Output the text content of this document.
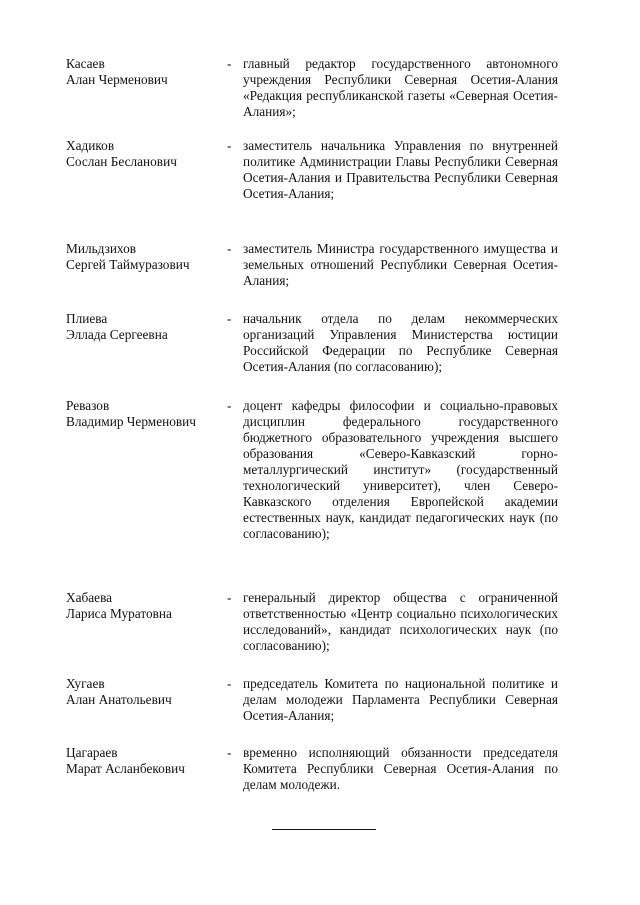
Касаев
Алан Черменович
- главный редактор государственного автономного учреждения Республики Северная Осетия-Алания «Редакция республиканской газеты «Северная Осетия-Алания»;
Хадиков
Сослан Бесланович
- заместитель начальника Управления по внутренней политике Администрации Главы Республики Северная Осетия-Алания и Правительства Республики Северная Осетия-Алания;
Мильдзихов
Сергей Таймуразович
- заместитель Министра государственного имущества и земельных отношений Республики Северная Осетия-Алания;
Плиева
Эллада Сергеевна
- начальник отдела по делам некоммерческих организаций Управления Министерства юстиции Российской Федерации по Республике Северная Осетия-Алания (по согласованию);
Ревазов
Владимир Черменович
- доцент кафедры философии и социально-правовых дисциплин федерального государственного бюджетного образовательного учреждения высшего образования «Северо-Кавказский горно-металлургический институт» (государственный технологический университет), член Северо-Кавказского отделения Европейской академии естественных наук, кандидат педагогических наук (по согласованию);
Хабаева
Лариса Муратовна
- генеральный директор общества с ограниченной ответственностью «Центр социально психологических исследований», кандидат психологических наук (по согласованию);
Хугаев
Алан Анатольевич
- председатель Комитета по национальной политике и делам молодежи Парламента Республики Северная Осетия-Алания;
Цагараев
Марат Асланбекович
- временно исполняющий обязанности председателя Комитета Республики Северная Осетия-Алания по делам молодежи.
